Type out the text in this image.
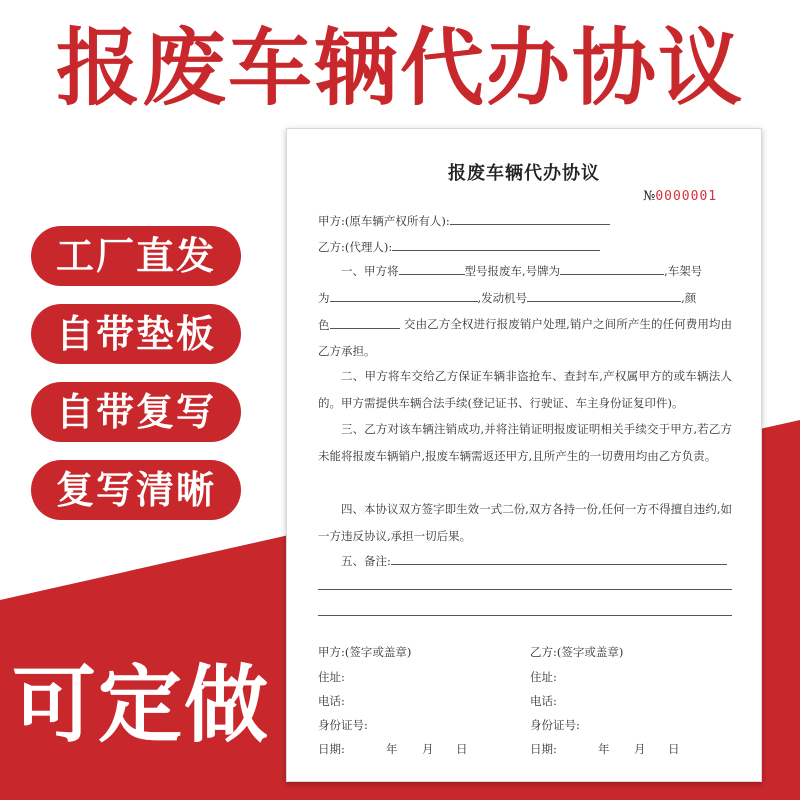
报废车辆代办协议
工厂直发
自带垫板
自带复写
复写清晰
可定做
报废车辆代办协议
№0000001
甲方:(原车辆产权所有人):
乙方:(代理人):
一、甲方将	型号报废车,号牌为	,车架号
为	,发动机号	,颜
色	交由乙方全权进行报废销户处理,销户之间所产生的任何费用均由乙方承担。
二、甲方将车交给乙方保证车辆非盗抢车、查封车,产权属甲方的或车辆法人的。甲方需提供车辆合法手续(登记证书、行驶证、车主身份证复印件)。
三、乙方对该车辆注销成功,并将注销证明报废证明相关手续交于甲方,若乙方未能将报废车辆销户,报废车辆需返还甲方,且所产生的一切费用均由乙方负责。
四、本协议双方签字即生效一式二份,双方各持一份,任何一方不得擅自违约,如一方违反协议,承担一切后果。
五、备注:
甲方:(签字或盖章)	乙方:(签字或盖章)
住址:	住址:
电话:	电话:
身份证号:	身份证号:
日期:	年 月 日	日期:	年 月 日
